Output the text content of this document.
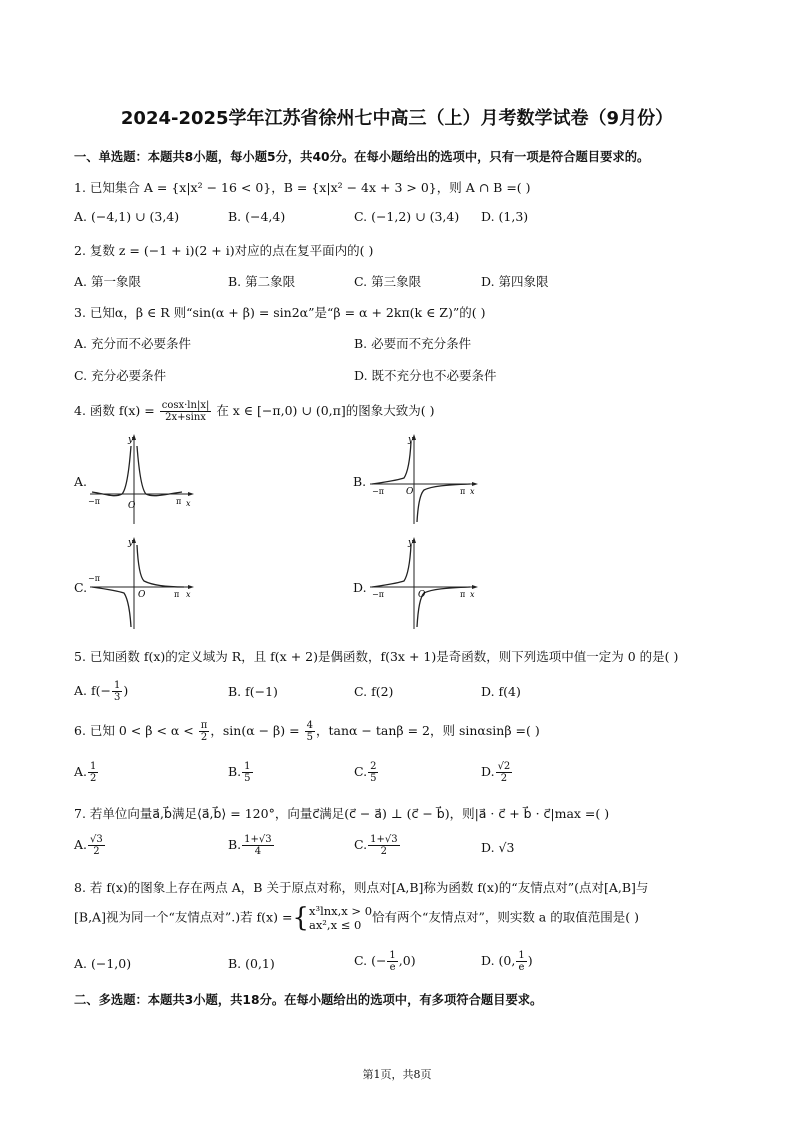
2024-2025学年江苏省徐州七中高三（上）月考数学试卷（9月份）
一、单选题：本题共8小题，每小题5分，共40分。在每小题给出的选项中，只有一项是符合题目要求的。
1. 已知集合 A = {x|x² − 16 < 0}，B = {x|x² − 4x + 3 > 0}，则 A ∩ B =( )
A. (−4,1) ∪ (3,4)	B. (−4,4)	C. (−1,2) ∪ (3,4) D. (1,3)
2. 复数 z = (−1 + i)(2 + i)对应的点在复平面内的( )
A. 第一象限	B. 第二象限	C. 第三象限	D. 第四象限
3. 已知α，β ∈ R 则“sin(α + β) = sin2α”是“β = α + 2kπ(k ∈ Z)”的( )
A. 充分而不必要条件	B. 必要而不充分条件
C. 充分必要条件	D. 既不充分也不必要条件
4. 函数 $f(x) = \frac{\cos x\cdot\ln|x|}{2x+\sin x}$ 在 x ∈ [−π,0) ∪ (0,π]的图象大致为( )
A.
y
x
O
−π	π
B.
y
x
O
−π	π
C.
y
x
O
−π
π	D.
y
x
O
−π	π
5. 已知函数 f(x)的定义域为 R，且 f(x + 2)是偶函数，f(3x + 1)是奇函数，则下列选项中值一定为 0 的是( )
A. $f(- \frac{1}{3}$ )	B. f(−1)	C. f(2)	D. f(4)
6. 已知 $0 < \beta < \alpha < \frac{\pi}{2}$ ，$\sin(\alpha - \beta) = \frac{4}{5}$ ，tanα − tanβ = 2，则 sinαsinβ =( )
A. $\frac{1}{2}$	B. $\frac{1}{5}$	C. $\frac{2}{5}$	D. $\frac{√2}{2}$
7. 若单位向量a⃗,b⃗满足⟨a⃗,b⃗⟩ = 120°，向量c⃗满足(c⃗ − a⃗) ⊥ (c⃗ − b⃗)，则|a⃗ · c⃗ + b⃗ · c⃗|max =( )
A. $\frac{√3}{2}$	B. $\frac{1+√3}{4}$	C. $\frac{1+√3}{2}$	D. √3
8. 若 f(x)的图象上存在两点 A，B 关于原点对称，则点对[A,B]称为函数 f(x)的“友情点对”(点对[A,B]与
[B,A]视为同一个“友情点对”.)若 f(x) ={ x³lnx,x > 0
ax²,x ≤ 0
恰有两个“友情点对”，则实数 a 的取值范围是( )
A. (−1,0)	B. (0,1)	C. (− $\frac{1}{e} ,0$)	D. (0, $\frac{1}{e}$ )
二、多选题：本题共3小题，共18分。在每小题给出的选项中，有多项符合题目要求。
第1页，共8页
